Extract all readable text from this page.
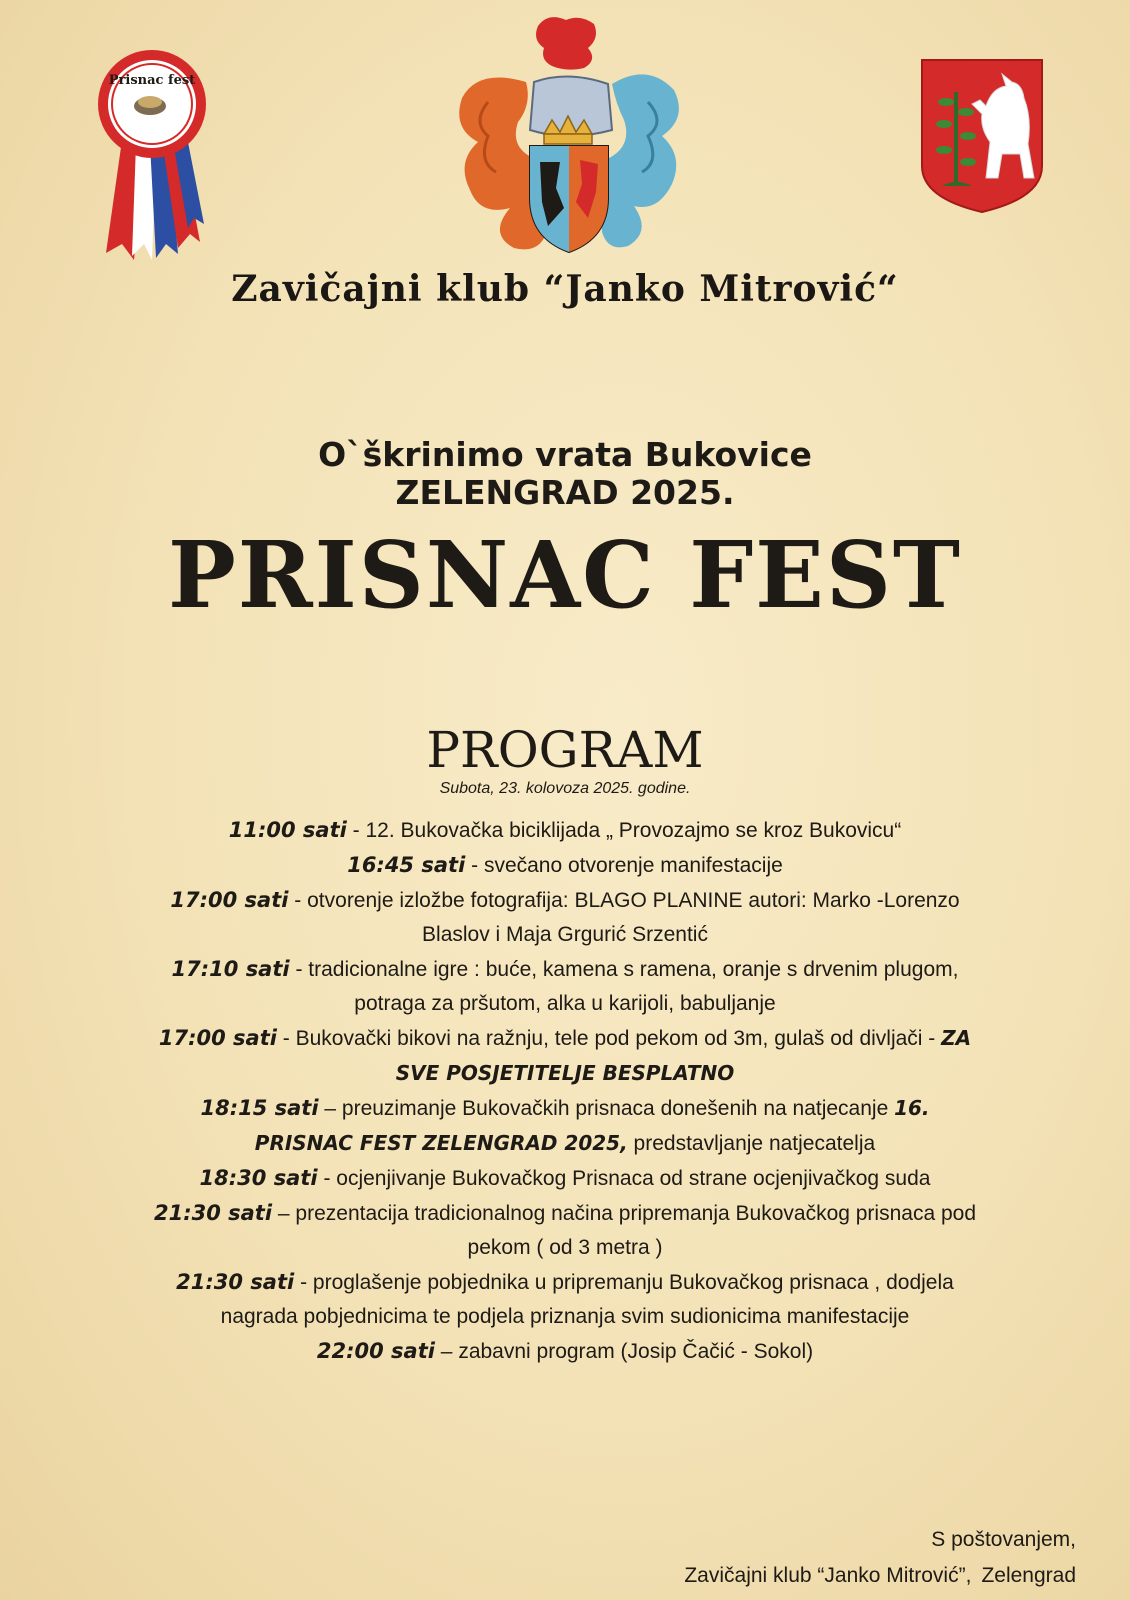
Prisnac fest
Zavičajni klub “Janko Mitrović“
O`škrinimo vrata Bukovice
ZELENGRAD 2025.
PRISNAC FEST
PROGRAM
Subota, 23. kolovoza 2025. godine.

11:00 sati - 12. Bukovačka biciklijada „ Provozajmo se kroz Bukovicu“

16:45 sati - svečano otvorenje manifestacije

17:00 sati - otvorenje izložbe fotografija: BLAGO PLANINE autori: Marko -Lorenzo Blaslov i Maja Grgurić Srzentić

17:10 sati - tradicionalne igre : buće, kamena s ramena, oranje s drvenim plugom, potraga za pršutom, alka u karijoli, babuljanje

17:00 sati - Bukovački bikovi na ražnju, tele pod pekom od 3m, gulaš od divljači - ZA SVE POSJETITELJE BESPLATNO

18:15 sati – preuzimanje Bukovačkih prisnaca donešenih na natjecanje 16. PRISNAC FEST ZELENGRAD 2025, predstavljanje natjecatelja

18:30 sati - ocjenjivanje Bukovačkog Prisnaca od strane ocjenjivačkog suda

21:30 sati – prezentacija tradicionalnog načina pripremanja Bukovačkog prisnaca pod pekom ( od 3 metra )

21:30 sati - proglašenje pobjednika u pripremanju Bukovačkog prisnaca , dodjela nagrada pobjednicima te podjela priznanja svim sudionicima manifestacije

22:00 sati – zabavni program (Josip Čačić - Sokol)

S poštovanjem,
Zavičajni klub “Janko Mitrović”, Zelengrad
